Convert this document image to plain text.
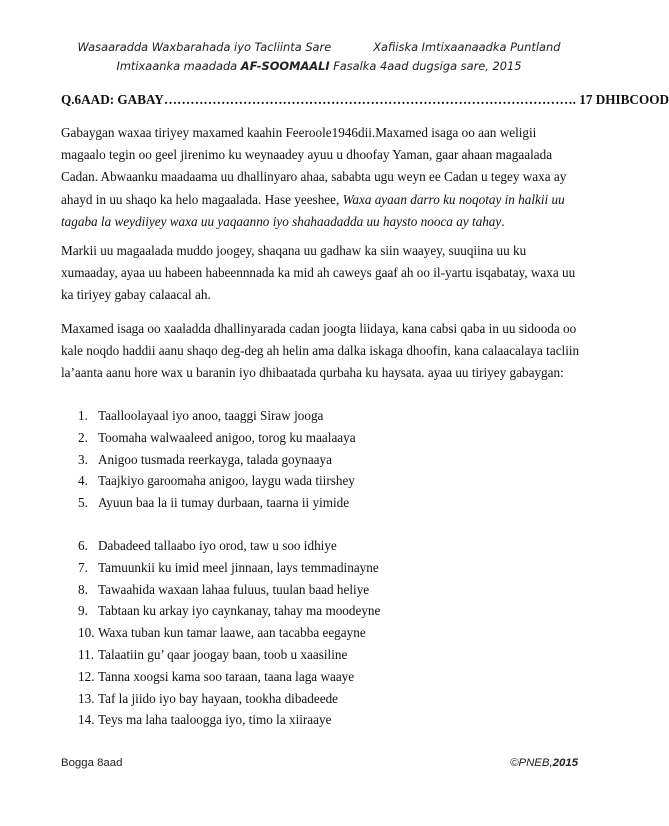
Wasaaradda Waxbarahada iyo Tacliinta Sare	Xafiiska Imtixaanaadka Puntland
Imtixaanka maadada AF-SOOMAALI Fasalka 4aad dugsiga sare, 2015
Q.6AAD: GABAY…………………………………………………………………………………. 17 DHIBCOOD

Gabaygan waxaa tiriyey maxamed kaahin Feeroole1946dii.Maxamed isaga oo aan weligii magaalo tegin oo geel jirenimo ku weynaadey ayuu u dhoofay Yaman, gaar ahaan magaalada Cadan. Abwaanku maadaama uu dhallinyaro ahaa, sababta ugu weyn ee Cadan u tegey waxa ay ahayd in uu shaqo ka helo magaalada. Hase yeeshee, Waxa ayaan darro ku noqotay in halkii uu tagaba la weydiiyey waxa uu yaqaanno iyo shahaadadda uu haysto nooca ay tahay.

Markii uu magaalada muddo joogey, shaqana uu gadhaw ka siin waayey, suuqiina uu ku xumaaday, ayaa uu habeen habeennnada ka mid ah caweys gaaf ah oo il-yartu isqabatay, waxa uu ka tiriyey gabay calaacal ah.

Maxamed isaga oo xaaladda dhallinyarada cadan joogta liidaya, kana cabsi qaba in uu sidooda oo kale noqdo haddii aanu shaqo deg-deg ah helin ama dalka iskaga dhoofin, kana calaacalaya tacliin la’aanta aanu hore wax u baranin iyo dhibaatada qurbaha ku haysata. ayaa uu tiriyey gabaygan:

1. Taalloolayaal iyo anoo, taaggi Siraw jooga
2. Toomaha walwaaleed anigoo, torog ku maalaaya
3. Anigoo tusmada reerkayga, talada goynaaya
4. Taajkiyo garoomaha anigoo, laygu wada tiirshey
5. Ayuun baa la ii tumay durbaan, taarna ii yimide
6. Dabadeed tallaabo iyo orod, taw u soo idhiye
7. Tamuunkii ku imid meel jinnaan, lays temmadinayne
8. Tawaahida waxaan lahaa fuluus, tuulan baad heliye
9. Tabtaan ku arkay iyo caynkanay, tahay ma moodeyne
10. Waxa tuban kun tamar laawe, aan tacabba eegayne
11. Talaatiin gu’ qaar joogay baan, toob u xaasiline
12. Tanna xoogsi kama soo taraan, taana laga waaye
13. Taf la jiido iyo bay hayaan, tookha dibadeede
14. Teys ma laha taaloogga iyo, timo la xiiraaye
Bogga 8aad	©PNEB,2015
